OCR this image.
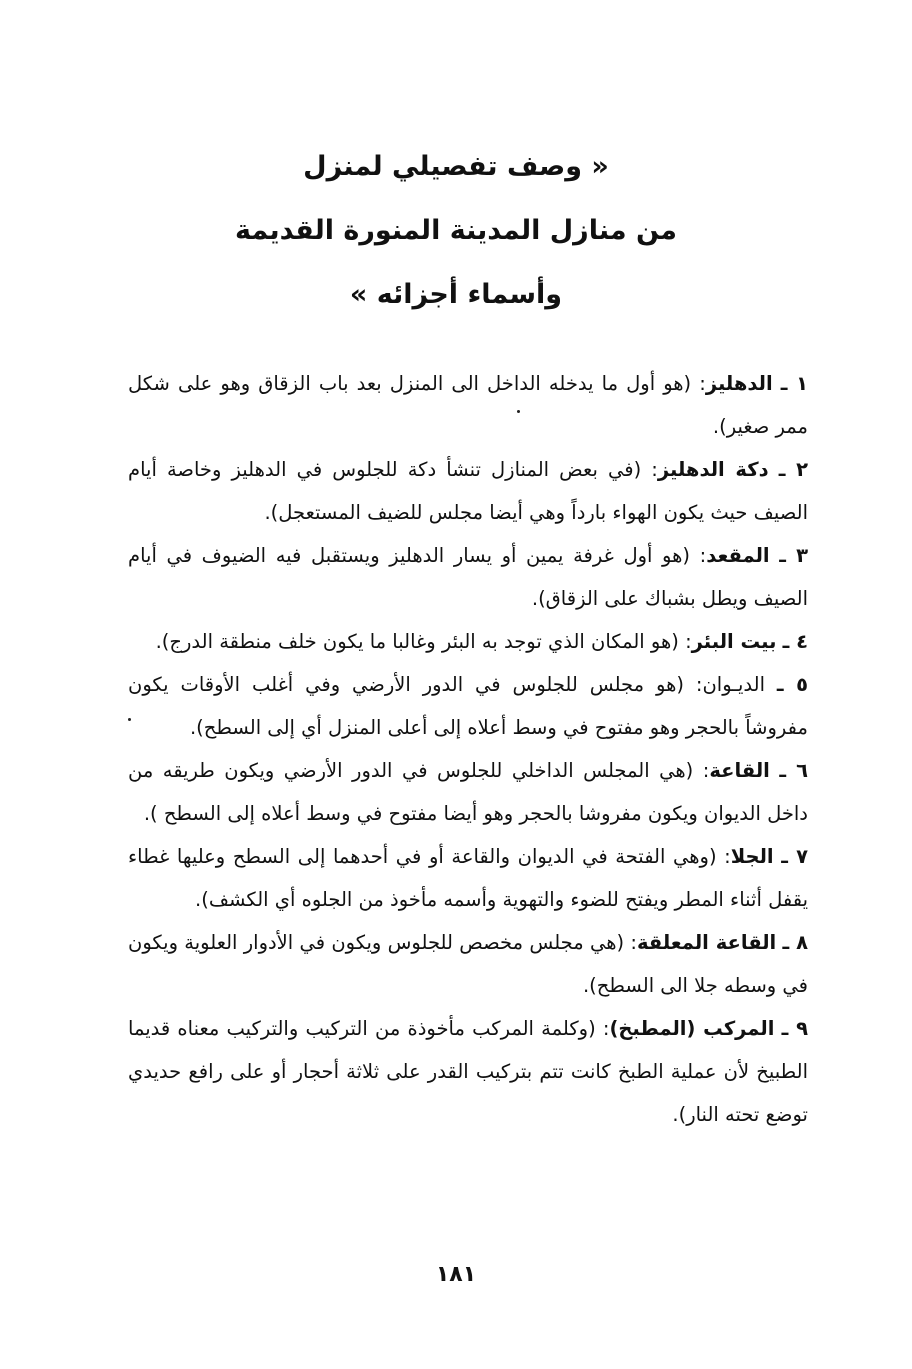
« وصف تفصيلي لمنزل

من منازل المدينة المنورة القديمة

وأسماء أجزائه »

١ ـ الدهليز: (هو أول ما يدخله الداخل الى المنزل بعد باب الزقاق وهو على شكل ممر صغير).

٢ ـ دكة الدهليز: (في بعض المنازل تنشأ دكة للجلوس في الدهليز وخاصة أيام الصيف حيث يكون الهواء بارداً وهي أيضا مجلس للضيف المستعجل).

٣ ـ المقعد: (هو أول غرفة يمين أو يسار الدهليز ويستقبل فيه الضيوف في أيام الصيف ويطل بشباك على الزقاق).

٤ ـ بيت البئر: (هو المكان الذي توجد به البئر وغالبا ما يكون خلف منطقة الدرج).

٥ ـ الديـوان: (هو مجلس للجلوس في الدور الأرضي وفي أغلب الأوقات يكون مفروشاً بالحجر وهو مفتوح في وسط أعلاه إلى أعلى المنزل أي إلى السطح).

٦ ـ القاعة: (هي المجلس الداخلي للجلوس في الدور الأرضي ويكون طريقه من داخل الديوان ويكون مفروشا بالحجر وهو أيضا مفتوح في وسط أعلاه إلى السطح ).

٧ ـ الجلا: (وهي الفتحة في الديوان والقاعة أو في أحدهما إلى السطح وعليها غطاء يقفل أثناء المطر ويفتح للضوء والتهوية وأسمه مأخوذ من الجلوه أي الكشف).

٨ ـ القاعة المعلقة: (هي مجلس مخصص للجلوس ويكون في الأدوار العلوية ويكون في وسطه جلا الى السطح).

٩ ـ المركب (المطبخ): (وكلمة المركب مأخوذة من التركيب والتركيب معناه قديما الطبيخ لأن عملية الطبخ كانت تتم بتركيب القدر على ثلاثة أحجار أو على رافع حديدي توضع تحته النار).

١٨١
